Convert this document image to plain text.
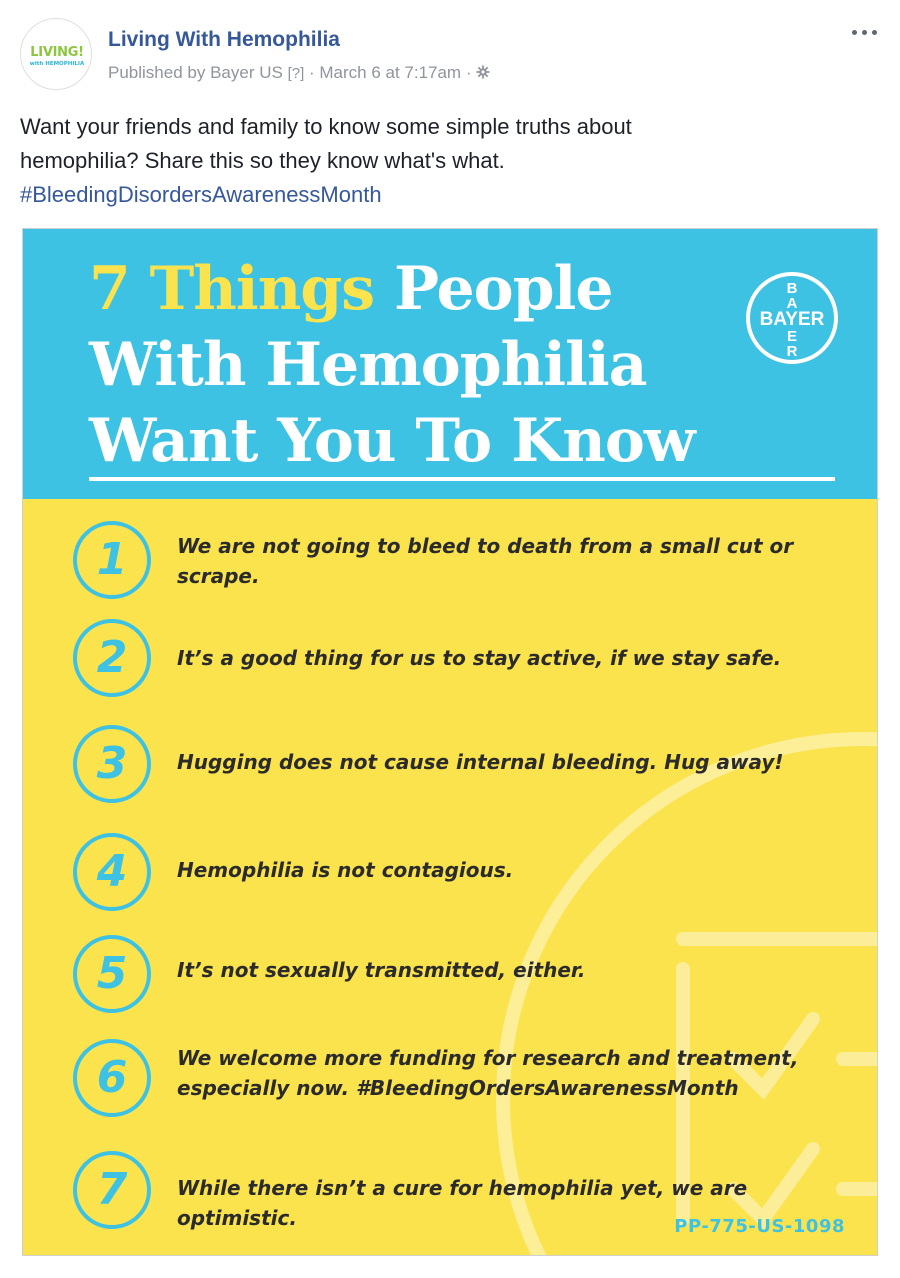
LIVING!
with HEMOPHILIA
Living With Hemophilia
Published by Bayer US [?] · March 6 at 7:17am ·

Want your friends and family to know some simple truths about
hemophilia? Share this so they know what's what.

#BleedingDisordersAwarenessMonth
7 Things People
With Hemophilia
Want You To Know
BAYER
B
A
E
R
1	We are not going to bleed to death from a small cut or scrape.
2	It’s a good thing for us to stay active, if we stay safe.
3	Hugging does not cause internal bleeding. Hug away!
4	Hemophilia is not contagious.
5	It’s not sexually transmitted, either.
6	We welcome more funding for research and treatment, especially now. #BleedingOrdersAwarenessMonth
7	While there isn’t a cure for hemophilia yet, we are optimistic.	PP-775-US-1098
